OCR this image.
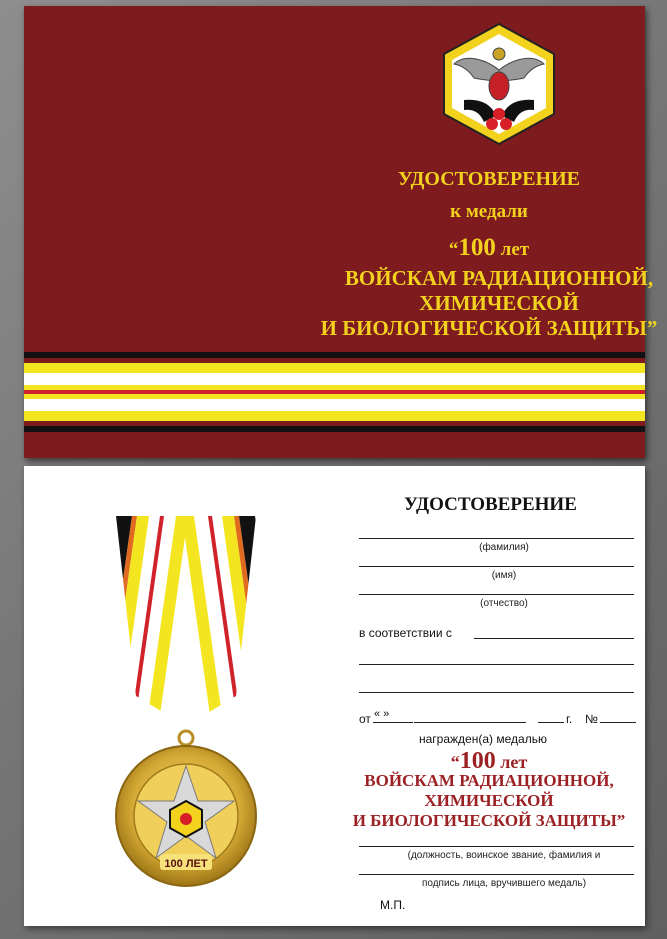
УДОСТОВЕРЕНИЕ
к медали
“100 лет
ВОЙСКАМ РАДИАЦИОННОЙ,
ХИМИЧЕСКОЙ
И БИОЛОГИЧЕСКОЙ ЗАЩИТЫ”
100 ЛЕТ
УДОСТОВЕРЕНИЕ
(фамилия)
(имя)
(отчество)
в соответствии с
от « »	г. №
награжден(а) медалью
“100 лет
ВОЙСКАМ РАДИАЦИОННОЙ,
ХИМИЧЕСКОЙ
И БИОЛОГИЧЕСКОЙ ЗАЩИТЫ”
(должность, воинское звание, фамилия и
подпись лица, вручившего медаль)
М.П.
